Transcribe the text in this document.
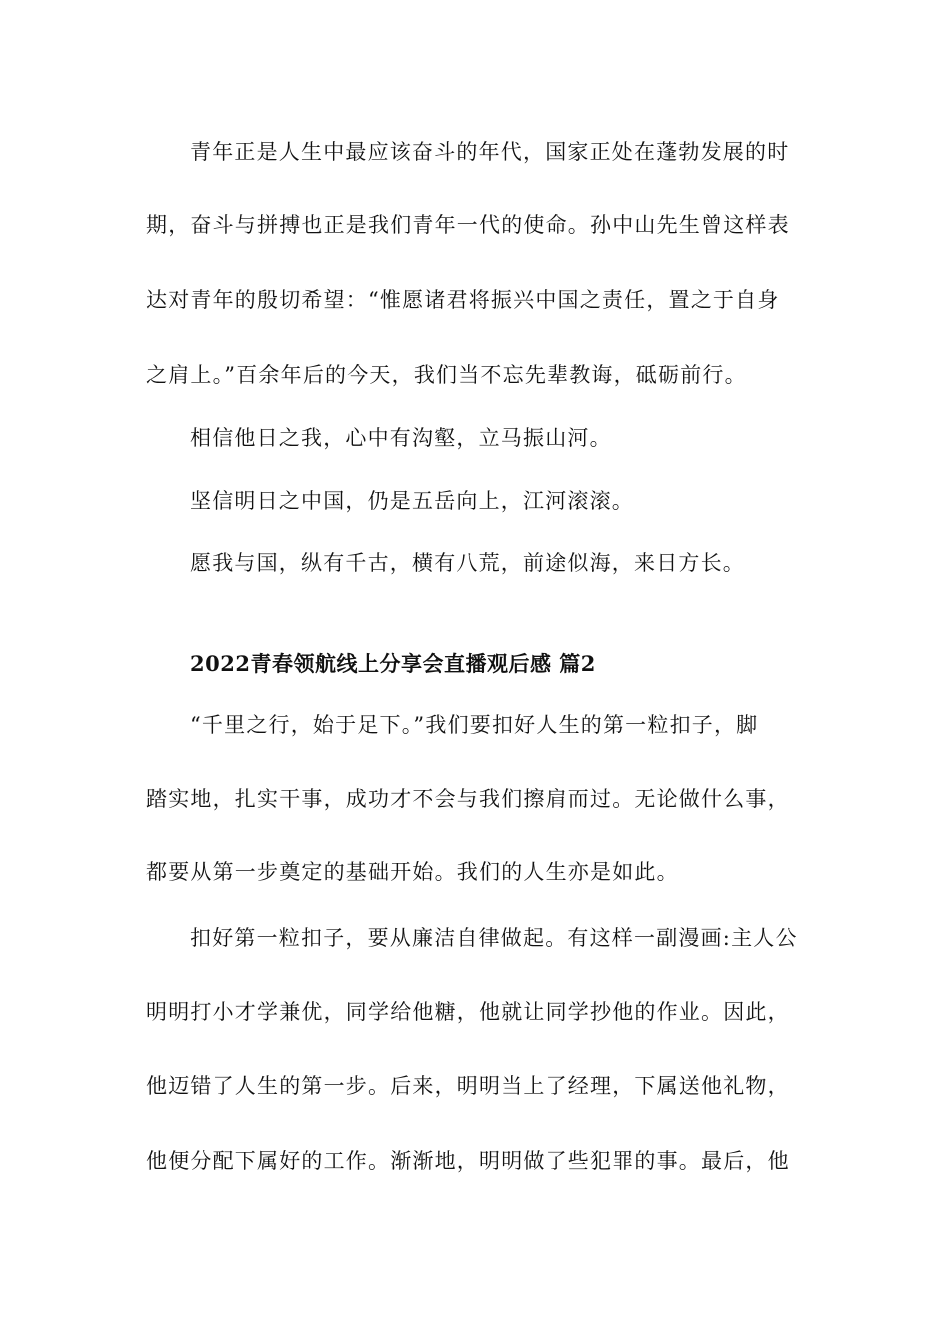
青年正是人生中最应该奋斗的年代，国家正处在蓬勃发展的时
期，奋斗与拼搏也正是我们青年一代的使命。孙中山先生曾这样表
达对青年的殷切希望：“惟愿诸君将振兴中国之责任，置之于自身
之肩上。”百余年后的今天，我们当不忘先辈教诲，砥砺前行。
相信他日之我，心中有沟壑，立马振山河。
坚信明日之中国，仍是五岳向上，江河滚滚。
愿我与国，纵有千古，横有八荒，前途似海，来日方长。
2022青春领航线上分享会直播观后感 篇2
“千里之行，始于足下。”我们要扣好人生的第一粒扣子，脚
踏实地，扎实干事，成功才不会与我们擦肩而过。无论做什么事，
都要从第一步奠定的基础开始。我们的人生亦是如此。
扣好第一粒扣子，要从廉洁自律做起。有这样一副漫画:主人公
明明打小才学兼优，同学给他糖，他就让同学抄他的作业。因此，
他迈错了人生的第一步。后来，明明当上了经理，下属送他礼物，
他便分配下属好的工作。渐渐地，明明做了些犯罪的事。最后，他
